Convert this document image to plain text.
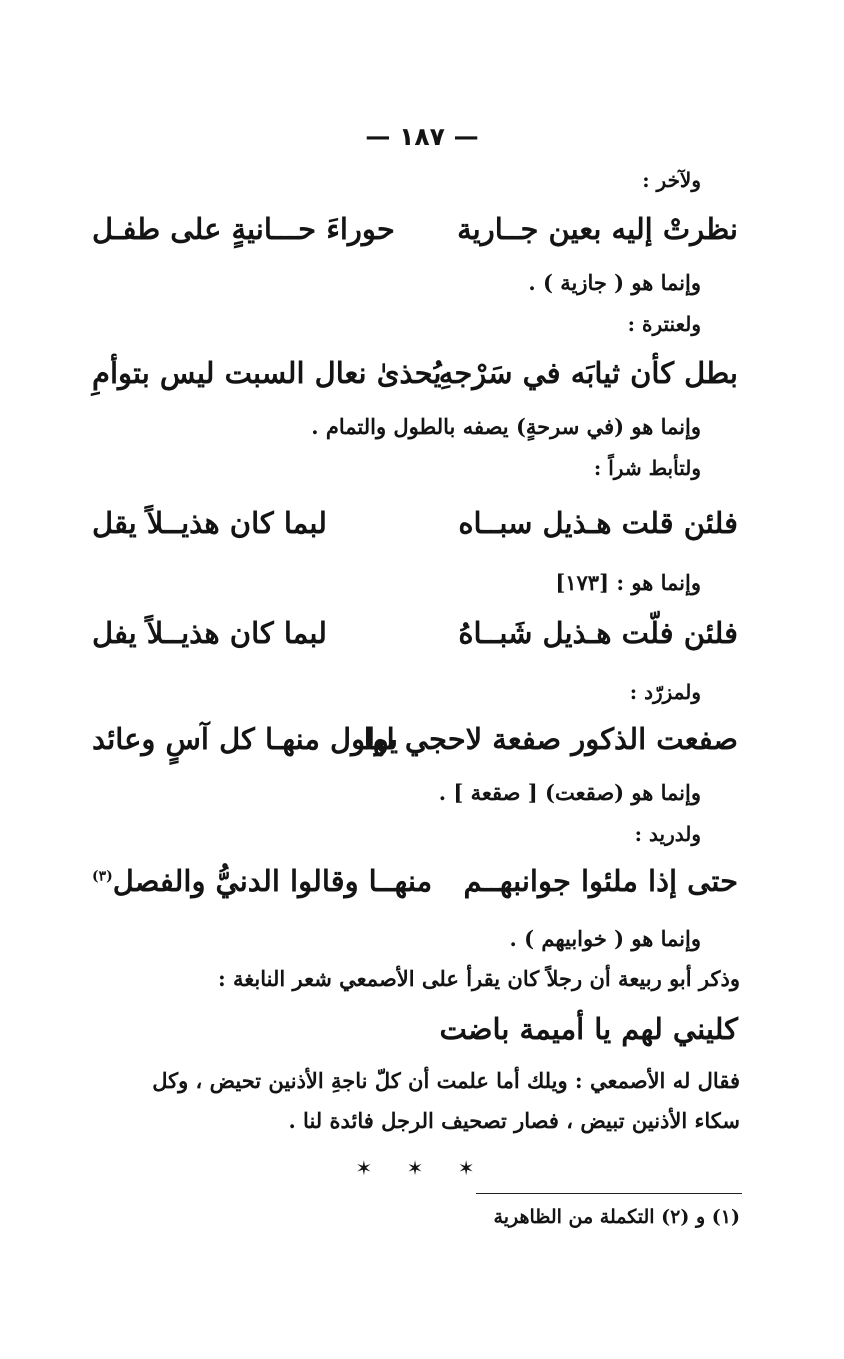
— ١٨٧ —
ولآخر :
نظرتْ إليه بعين جــارية
حوراءَ حـــانيةٍ على طفـل
وإنما هو ( جازية ) .
ولعنترة :
بطل كأن ثيابَه في سَرْجهِ
يُحذىٰ نعال السبت ليس بتوأمِ
وإنما هو (في سرحةٍ) يصفه بالطول والتمام .
ولتأبط شراً :
فلئن قلت هـذيل سبــاه
لبما كان هذيــلاً يقل
وإنما هو : [١٧٣]
فلئن فلّت هـذيل شَبــاهُ
لبما كان هذيــلاً يفل
ولمزرّد :
صفعت الذكور صفعة لاحجي لها
يولول منهـا كل آسٍ وعائد
وإنما هو (صقعت) [ صقعة ] .
ولدريد :
حتى إذا ملئوا جوانبهــم
منهــا وقالوا الدنيُّ والفصل$^{(٣)}$
وإنما هو ( خوابيهم ) .
وذكر أبو ربيعة أن رجلاً كان يقرأ على الأصمعي شعر النابغة :
كليني لهم يا أميمة باضت
فقال له الأصمعي : ويلك أما علمت أن كلّ ناجةِ الأذنين تحيض ، وكل
سكاء الأذنين تبيض ، فصار تصحيف الرجل فائدة لنا .
✶ ✶ ✶
(١) و (٢) التكملة من الظاهرية
